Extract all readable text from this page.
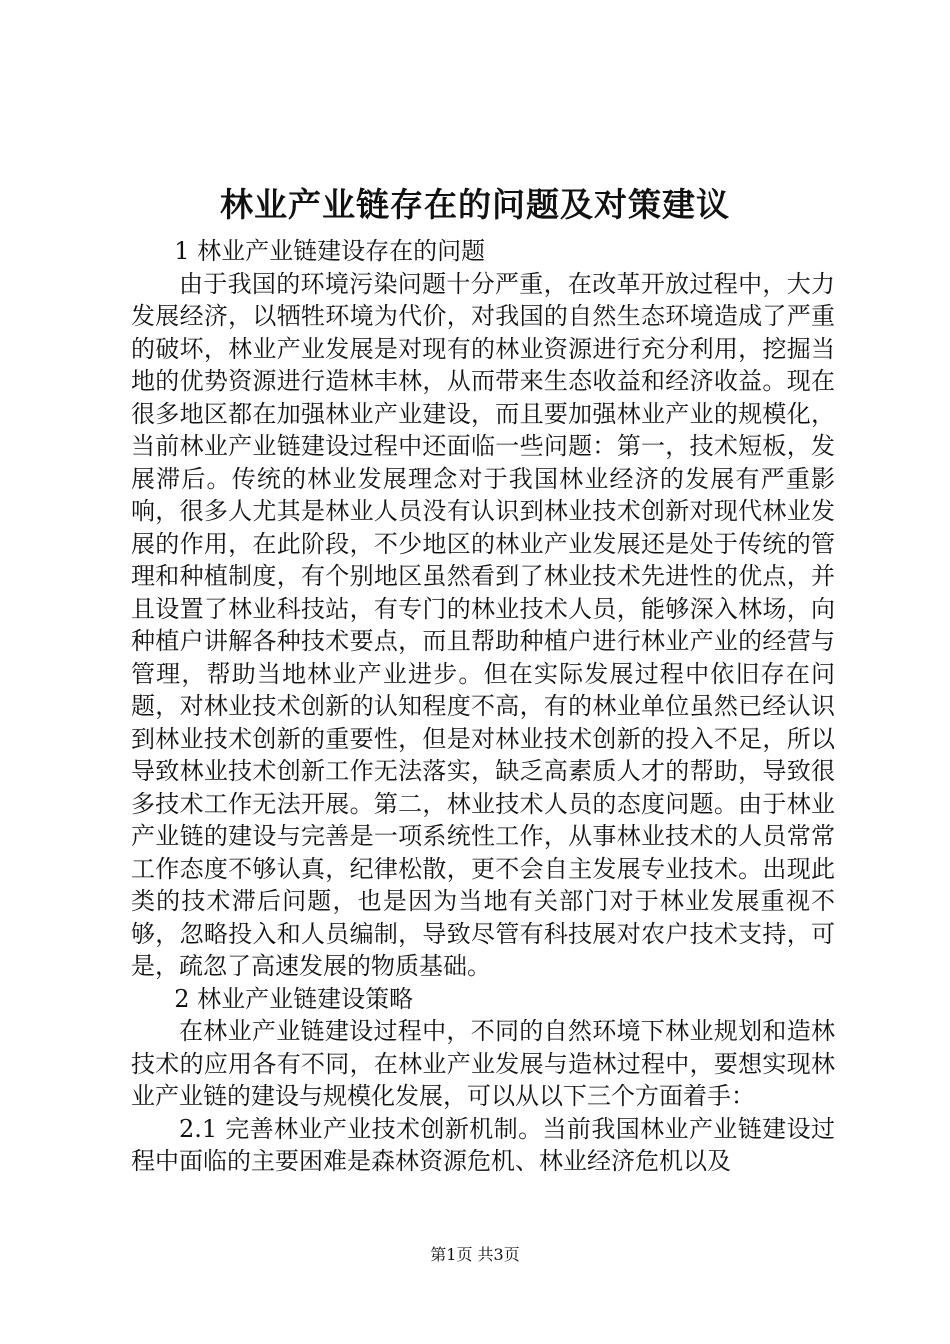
林业产业链存在的问题及对策建议

1 林业产业链建设存在的问题

由于我国的环境污染问题十分严重，在改革开放过程中，大力发展经济，以牺牲环境为代价，对我国的自然生态环境造成了严重的破坏，林业产业发展是对现有的林业资源进行充分利用，挖掘当地的优势资源进行造林丰林，从而带来生态收益和经济收益。现在很多地区都在加强林业产业建设，而且要加强林业产业的规模化，当前林业产业链建设过程中还面临一些问题：第一，技术短板，发展滞后。传统的林业发展理念对于我国林业经济的发展有严重影响，很多人尤其是林业人员没有认识到林业技术创新对现代林业发展的作用，在此阶段，不少地区的林业产业发展还是处于传统的管理和种植制度，有个别地区虽然看到了林业技术先进性的优点，并且设置了林业科技站，有专门的林业技术人员，能够深入林场，向种植户讲解各种技术要点，而且帮助种植户进行林业产业的经营与管理，帮助当地林业产业进步。但在实际发展过程中依旧存在问题，对林业技术创新的认知程度不高，有的林业单位虽然已经认识到林业技术创新的重要性，但是对林业技术创新的投入不足，所以导致林业技术创新工作无法落实，缺乏高素质人才的帮助，导致很多技术工作无法开展。第二，林业技术人员的态度问题。由于林业产业链的建设与完善是一项系统性工作，从事林业技术的人员常常工作态度不够认真，纪律松散，更不会自主发展专业技术。出现此类的技术滞后问题，也是因为当地有关部门对于林业发展重视不够，忽略投入和人员编制，导致尽管有科技展对农户技术支持，可是，疏忽了高速发展的物质基础。

2 林业产业链建设策略

在林业产业链建设过程中，不同的自然环境下林业规划和造林技术的应用各有不同，在林业产业发展与造林过程中，要想实现林业产业链的建设与规模化发展，可以从以下三个方面着手：

2.1 完善林业产业技术创新机制。当前我国林业产业链建设过程中面临的主要困难是森林资源危机、林业经济危机以及

第1页 共3页
